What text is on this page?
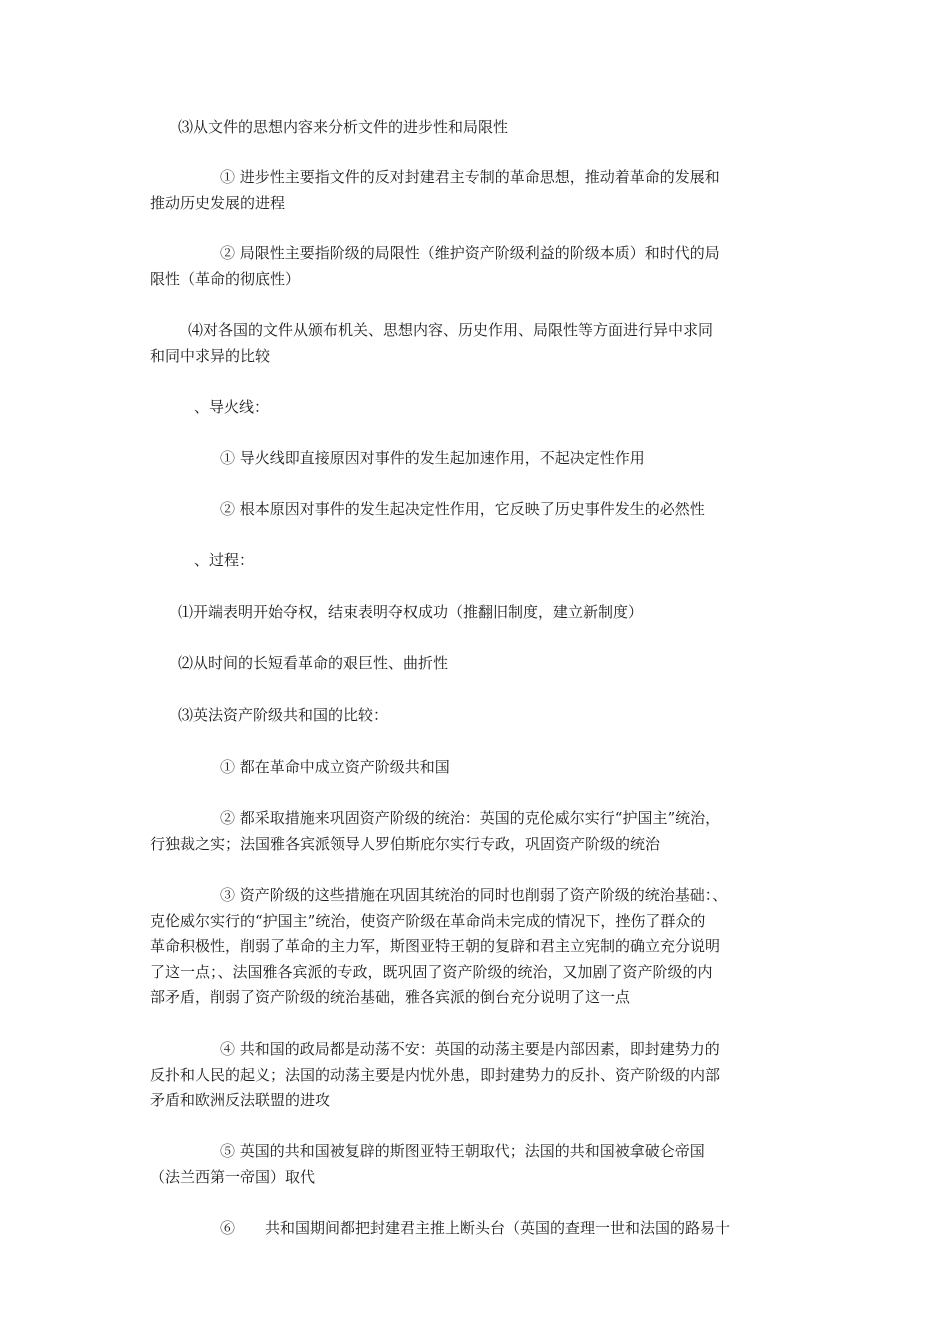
⑶从文件的思想内容来分析文件的进步性和局限性
① 进步性主要指文件的反对封建君主专制的革命思想，推动着革命的发展和
推动历史发展的进程
② 局限性主要指阶级的局限性（维护资产阶级利益的阶级本质）和时代的局
限性（革命的彻底性）
⑷对各国的文件从颁布机关、思想内容、历史作用、局限性等方面进行异中求同
和同中求异的比较
、导火线：
① 导火线即直接原因对事件的发生起加速作用，不起决定性作用
② 根本原因对事件的发生起决定性作用，它反映了历史事件发生的必然性
、过程：
⑴开端表明开始夺权，结束表明夺权成功（推翻旧制度，建立新制度）
⑵从时间的长短看革命的艰巨性、曲折性
⑶英法资产阶级共和国的比较：
① 都在革命中成立资产阶级共和国
② 都采取措施来巩固资产阶级的统治：英国的克伦威尔实行“护国主”统治，
行独裁之实；法国雅各宾派领导人罗伯斯庇尔实行专政，巩固资产阶级的统治
③ 资产阶级的这些措施在巩固其统治的同时也削弱了资产阶级的统治基础：、
克伦威尔实行的“护国主”统治，使资产阶级在革命尚未完成的情况下，挫伤了群众的
革命积极性，削弱了革命的主力军，斯图亚特王朝的复辟和君主立宪制的确立充分说明
了这一点；、法国雅各宾派的专政，既巩固了资产阶级的统治，又加剧了资产阶级的内
部矛盾，削弱了资产阶级的统治基础，雅各宾派的倒台充分说明了这一点
④ 共和国的政局都是动荡不安：英国的动荡主要是内部因素，即封建势力的
反扑和人民的起义；法国的动荡主要是内忧外患，即封建势力的反扑、资产阶级的内部
矛盾和欧洲反法联盟的进攻
⑤ 英国的共和国被复辟的斯图亚特王朝取代；法国的共和国被拿破仑帝国
（法兰西第一帝国）取代
⑥　　共和国期间都把封建君主推上断头台（英国的查理一世和法国的路易十
